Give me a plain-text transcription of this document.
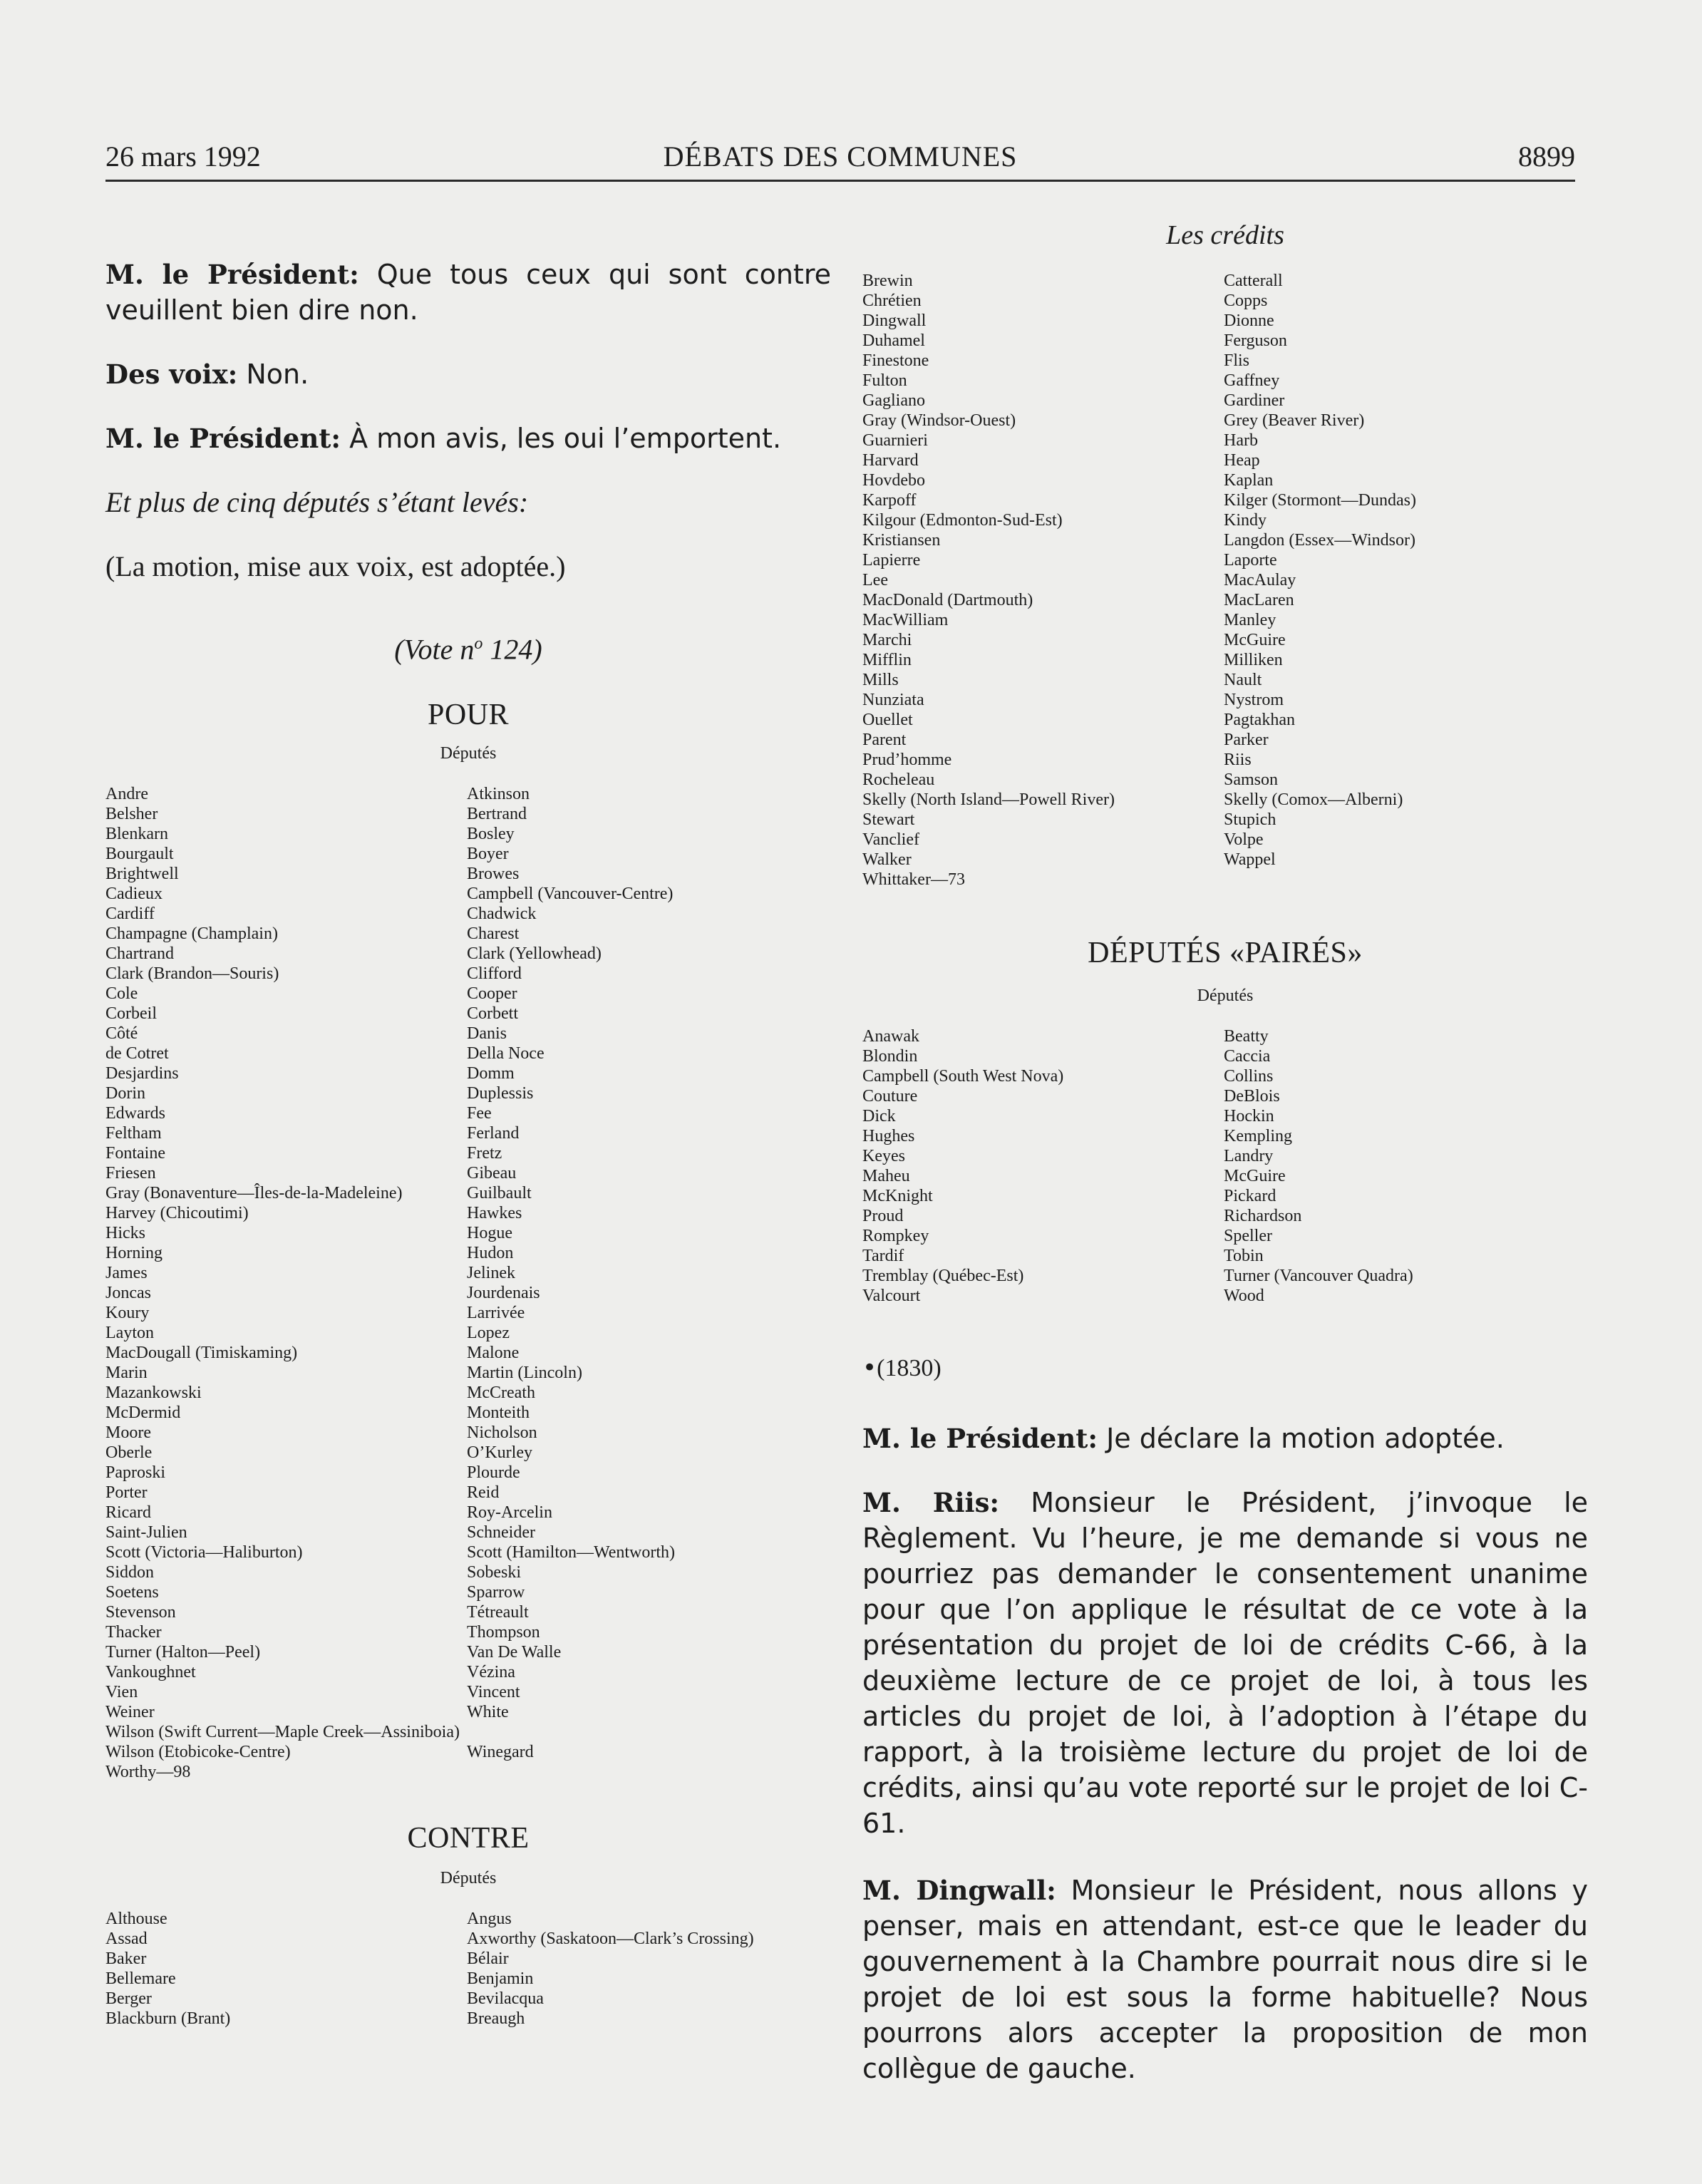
26 mars 1992	DÉBATS DES COMMUNES	8899

M. le Président: Que tous ceux qui sont contre veuillent bien dire non.

Des voix: Non.

M. le Président: À mon avis, les oui l’emportent.

Et plus de cinq députés s’étant levés:

(La motion, mise aux voix, est adoptée.)

(Vote $n^o$ 124)

POUR

Députés

Andre
Belsher
Blenkarn
Bourgault
Brightwell
Cadieux
Cardiff
Champagne (Champlain)
Chartrand
Clark (Brandon—Souris)
Cole
Corbeil
Côté
de Cotret
Desjardins
Dorin
Edwards
Feltham
Fontaine
Friesen
Gray (Bonaventure—Îles-de-la-Madeleine)
Harvey (Chicoutimi)
Hicks
Horning
James
Joncas
Koury
Layton
MacDougall (Timiskaming)
Marin
Mazankowski
McDermid
Moore
Oberle
Paproski
Porter
Ricard
Saint-Julien
Scott (Victoria—Haliburton)
Siddon
Soetens
Stevenson
Thacker
Turner (Halton—Peel)
Vankoughnet
Vien
Weiner
Wilson (Swift Current—Maple Creek—Assiniboia)
Wilson (Etobicoke-Centre)
Worthy—98
Atkinson
Bertrand
Bosley
Boyer
Browes
Campbell (Vancouver-Centre)
Chadwick
Charest
Clark (Yellowhead)
Clifford
Cooper
Corbett
Danis
Della Noce
Domm
Duplessis
Fee
Ferland
Fretz
Gibeau
Guilbault
Hawkes
Hogue
Hudon
Jelinek
Jourdenais
Larrivée
Lopez
Malone
Martin (Lincoln)
McCreath
Monteith
Nicholson
O’Kurley
Plourde
Reid
Roy-Arcelin
Schneider
Scott (Hamilton—Wentworth)
Sobeski
Sparrow
Tétreault
Thompson
Van De Walle
Vézina
Vincent
White

Winegard

CONTRE

Députés

Althouse
Assad
Baker
Bellemare
Berger
Blackburn (Brant)
Angus
Axworthy (Saskatoon—Clark’s Crossing)
Bélair
Benjamin
Bevilacqua
Breaugh

Les crédits

Brewin
Chrétien
Dingwall
Duhamel
Finestone
Fulton
Gagliano
Gray (Windsor-Ouest)
Guarnieri
Harvard
Hovdebo
Karpoff
Kilgour (Edmonton-Sud-Est)
Kristiansen
Lapierre
Lee
MacDonald (Dartmouth)
MacWilliam
Marchi
Mifflin
Mills
Nunziata
Ouellet
Parent
Prud’homme
Rocheleau
Skelly (North Island—Powell River)
Stewart
Vanclief
Walker
Whittaker—73
Catterall
Copps
Dionne
Ferguson
Flis
Gaffney
Gardiner
Grey (Beaver River)
Harb
Heap
Kaplan
Kilger (Stormont—Dundas)
Kindy
Langdon (Essex—Windsor)
Laporte
MacAulay
MacLaren
Manley
McGuire
Milliken
Nault
Nystrom
Pagtakhan
Parker
Riis
Samson
Skelly (Comox—Alberni)
Stupich
Volpe
Wappel

DÉPUTÉS «PAIRÉS»

Députés

Anawak
Blondin
Campbell (South West Nova)
Couture
Dick
Hughes
Keyes
Maheu
McKnight
Proud
Rompkey
Tardif
Tremblay (Québec-Est)
Valcourt
Beatty
Caccia
Collins
DeBlois
Hockin
Kempling
Landry
McGuire
Pickard
Richardson
Speller
Tobin
Turner (Vancouver Quadra)
Wood

•(1830)

M. le Président: Je déclare la motion adoptée.

M. Riis: Monsieur le Président, j’invoque le Règlement. Vu l’heure, je me demande si vous ne pourriez pas demander le consentement unanime pour que l’on applique le résultat de ce vote à la présentation du projet de loi de crédits C-66, à la deuxième lecture de ce projet de loi, à tous les articles du projet de loi, à l’adoption à l’étape du rapport, à la troisième lecture du projet de loi de crédits, ainsi qu’au vote reporté sur le projet de loi C-61.

M. Dingwall: Monsieur le Président, nous allons y penser, mais en attendant, est-ce que le leader du gouvernement à la Chambre pourrait nous dire si le projet de loi est sous la forme habituelle? Nous pourrons alors accepter la proposition de mon collègue de gauche.
